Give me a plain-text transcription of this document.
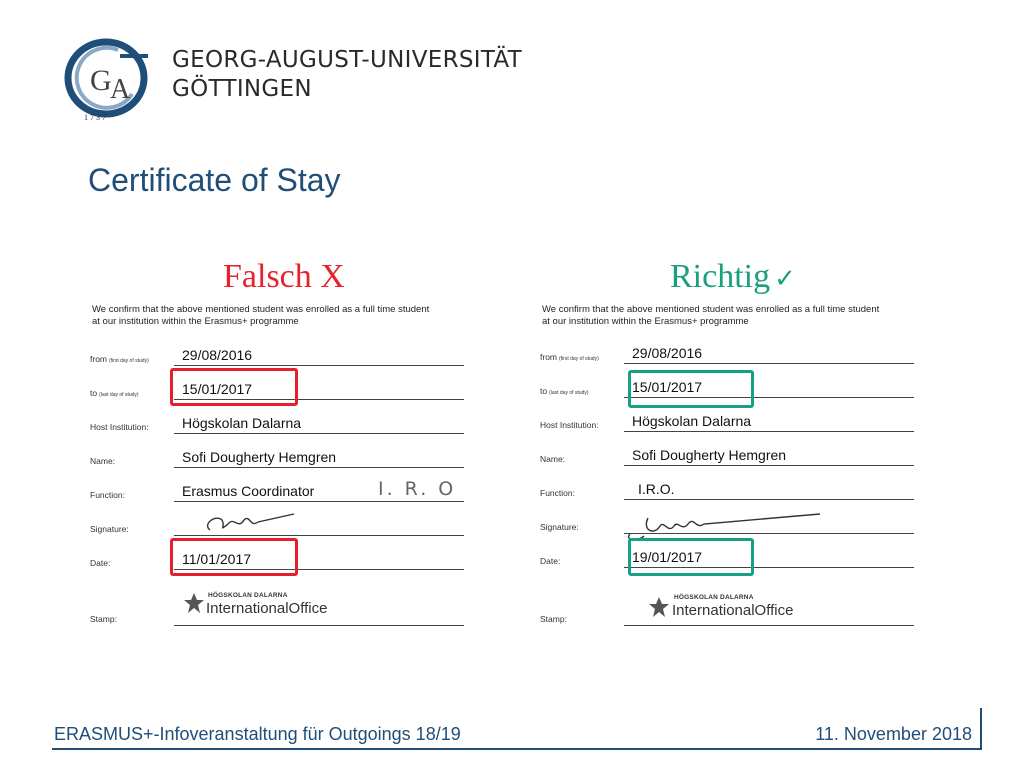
G
A
1 7 3 7
GEORG-AUGUST-UNIVERSITÄT
GÖTTINGEN
Certificate of Stay
Falsch X	Richtig ✓
We confirm that the above mentioned student was enrolled as a full time student at our institution within the Erasmus+ programme
from (first day of study) 29/08/2016
to (last day of study)	15/01/2017
Host Institution: Högskolan Dalarna
Name:	Sofi Dougherty Hemgren
Function:	Erasmus Coordinator	I. R. O
Signature:
Date:	11/01/2017
Stamp:
HÖGSKOLAN DALARNA
InternationalOffice
We confirm that the above mentioned student was enrolled as a full time student at our institution within the Erasmus+ programme
from (first day of study) 29/08/2016
to (last day of study)	15/01/2017
Host Institution: Högskolan Dalarna
Name:	Sofi Dougherty Hemgren
Function:	I.R.O.
Signature:
Date:	19/01/2017
Stamp:
HÖGSKOLAN DALARNA
InternationalOffice
ERASMUS+-Infoveranstaltung für Outgoings 18/19	11. November 2018
